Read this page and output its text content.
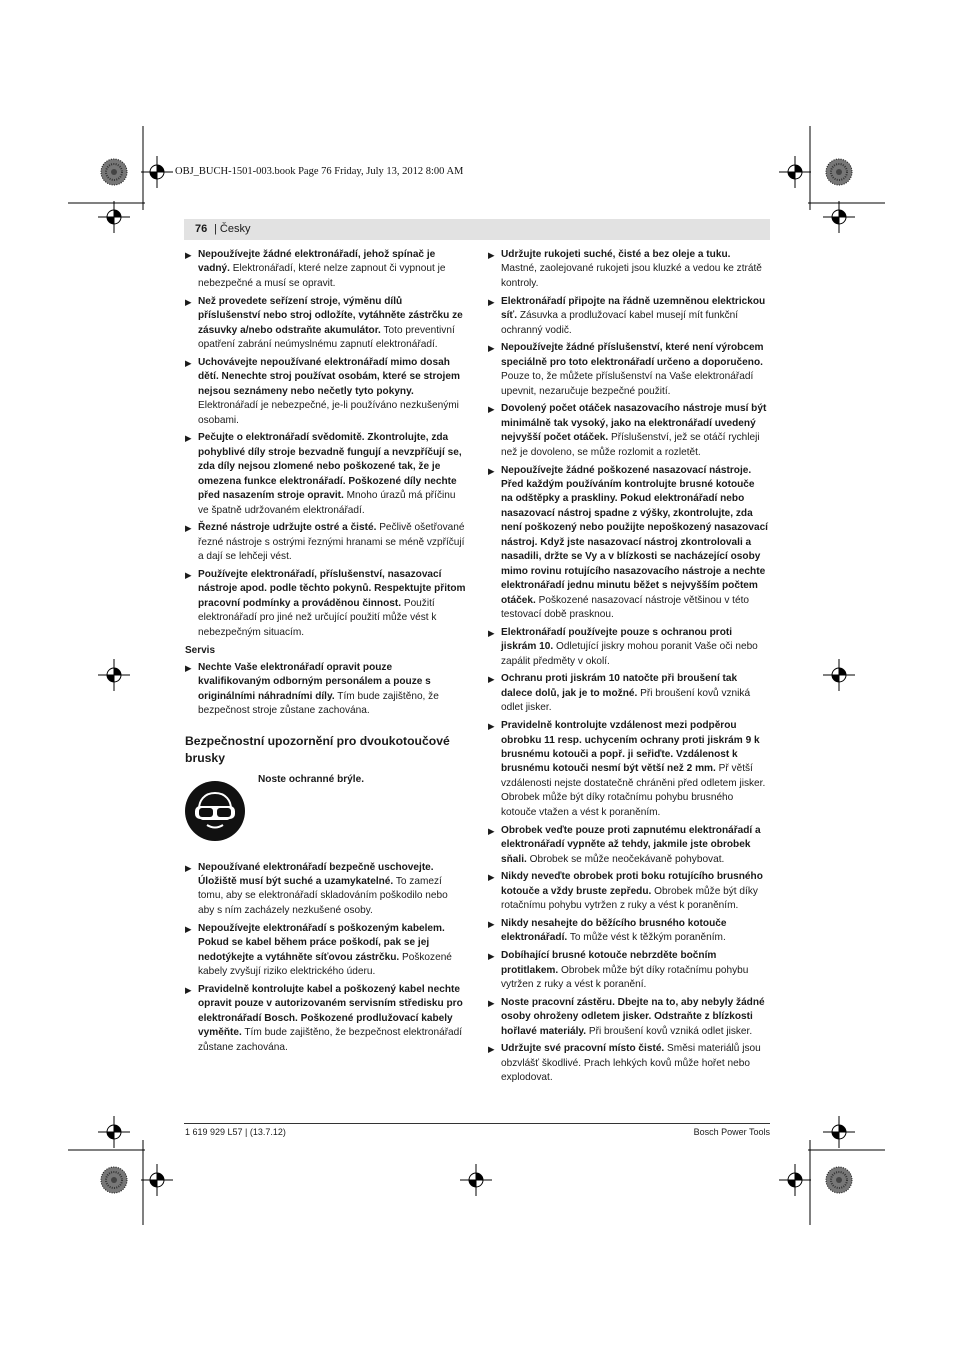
OBJ_BUCH-1501-003.book Page 76 Friday, July 13, 2012 8:00 AM
76 | Česky
▶ Nepoužívejte žádné elektronářadí, jehož spínač je vadný. Elektronářadí, které nelze zapnout či vypnout je nebezpečné a musí se opravit.
▶ Než provedete seřízení stroje, výměnu dílů příslušenství nebo stroj odložíte, vytáhněte zástrčku ze zásuvky a/nebo odstraňte akumulátor. Toto preventivní opatření zabrání neúmyslnému zapnutí elektronářadí.
▶ Uchovávejte nepoužívané elektronářadí mimo dosah dětí. Nenechte stroj používat osobám, které se strojem nejsou seznámeny nebo nečetly tyto pokyny. Elektronářadí je nebezpečné, je-li používáno nezkušenými osobami.
▶ Pečujte o elektronářadí svědomitě. Zkontrolujte, zda pohyblivé díly stroje bezvadně fungují a nevzpříčují se, zda díly nejsou zlomené nebo poškozené tak, že je omezena funkce elektronářadí. Poškozené díly nechte před nasazením stroje opravit. Mnoho úrazů má příčinu ve špatně udržovaném elektronářadí.
▶ Řezné nástroje udržujte ostré a čisté. Pečlivě ošetřované řezné nástroje s ostrými řeznými hranami se méně vzpříčují a dají se lehčeji vést.
▶ Používejte elektronářadí, příslušenství, nasazovací nástroje apod. podle těchto pokynů. Respektujte přitom pracovní podmínky a prováděnou činnost. Použití elektronářadí pro jiné než určující použití může vést k nebezpečným situacím.
Servis
▶ Nechte Vaše elektronářadí opravit pouze kvalifikovaným odborným personálem a pouze s originálními náhradními díly. Tím bude zajištěno, že bezpečnost stroje zůstane zachována.
Bezpečnostní upozornění pro dvoukotoučové brusky
Noste ochranné brýle.
▶ Nepoužívané elektronářadí bezpečně uschovejte. Úložiště musí být suché a uzamykatelné. To zamezí tomu, aby se elektronářadí skladováním poškodilo nebo aby s ním zacházely nezkušené osoby.
▶ Nepoužívejte elektronářadí s poškozeným kabelem. Pokud se kabel během práce poškodí, pak se jej nedotýkejte a vytáhněte síťovou zástrčku. Poškozené kabely zvyšují riziko elektrického úderu.
▶ Pravidelně kontrolujte kabel a poškozený kabel nechte opravit pouze v autorizovaném servisním středisku pro elektronářadí Bosch. Poškozené prodlužovací kabely vyměňte. Tím bude zajištěno, že bezpečnost elektronářadí zůstane zachována.
▶ Udržujte rukojeti suché, čisté a bez oleje a tuku. Mastné, zaolejované rukojeti jsou kluzké a vedou ke ztrátě kontroly.
▶ Elektronářadí připojte na řádně uzemněnou elektrickou síť. Zásuvka a prodlužovací kabel musejí mít funkční ochranný vodič.
▶ Nepoužívejte žádné příslušenství, které není výrobcem speciálně pro toto elektronářadí určeno a doporučeno. Pouze to, že můžete příslušenství na Vaše elektronářadí upevnit, nezaručuje bezpečné použití.
▶ Dovolený počet otáček nasazovacího nástroje musí být minimálně tak vysoký, jako na elektronářadí uvedený nejvyšší počet otáček. Příslušenství, jež se otáčí rychleji než je dovoleno, se může rozlomit a rozletět.
▶ Nepoužívejte žádné poškozené nasazovací nástroje. Před každým používáním kontrolujte brusné kotouče na odštěpky a praskliny. Pokud elektronářadí nebo nasazovací nástroj spadne z výšky, zkontrolujte, zda není poškozený nebo použijte nepoškozený nasazovací nástroj. Když jste nasazovací nástroj zkontrolovali a nasadili, držte se Vy a v blízkosti se nacházející osoby mimo rovinu rotujícího nasazovacího nástroje a nechte elektronářadí jednu minutu běžet s nejvyšším počtem otáček. Poškozené nasazovací nástroje většinou v této testovací době prasknou.
▶ Elektronářadí používejte pouze s ochranou proti jiskrám 10. Odletující jiskry mohou poranit Vaše oči nebo zapálit předměty v okolí.
▶ Ochranu proti jiskrám 10 natočte při broušení tak dalece dolů, jak je to možné. Při broušení kovů vzniká odlet jisker.
▶ Pravidelně kontrolujte vzdálenost mezi podpěrou obrobku 11 resp. uchycením ochrany proti jiskrám 9 k brusnému kotouči a popř. ji seřiďte. Vzdálenost k brusnému kotouči nesmí být větší než 2 mm. Př větší vzdálenosti nejste dostatečně chráněni před odletem jisker. Obrobek může být díky rotačnímu pohybu brusného kotouče vtažen a vést k poraněním.
▶ Obrobek veďte pouze proti zapnutému elektronářadí a elektronářadí vypněte až tehdy, jakmile jste obrobek sňali. Obrobek se může neočekávaně pohybovat.
▶ Nikdy neveďte obrobek proti boku rotujícího brusného kotouče a vždy bruste zepředu. Obrobek může být díky rotačnímu pohybu vytržen z ruky a vést k poraněním.
▶ Nikdy nesahejte do běžícího brusného kotouče elektronářadí. To může vést k těžkým poraněním.
▶ Dobíhající brusné kotouče nebrzděte bočním protitlakem. Obrobek může být díky rotačnímu pohybu vytržen z ruky a vést k poranění.
▶ Noste pracovní zástěru. Dbejte na to, aby nebyly žádné osoby ohroženy odletem jisker. Odstraňte z blízkosti hořlavé materiály. Při broušení kovů vzniká odlet jisker.
▶ Udržujte své pracovní místo čisté. Směsi materiálů jsou obzvlášť škodlivé. Prach lehkých kovů může hořet nebo explodovat.
1 619 929 L57 | (13.7.12)	Bosch Power Tools
